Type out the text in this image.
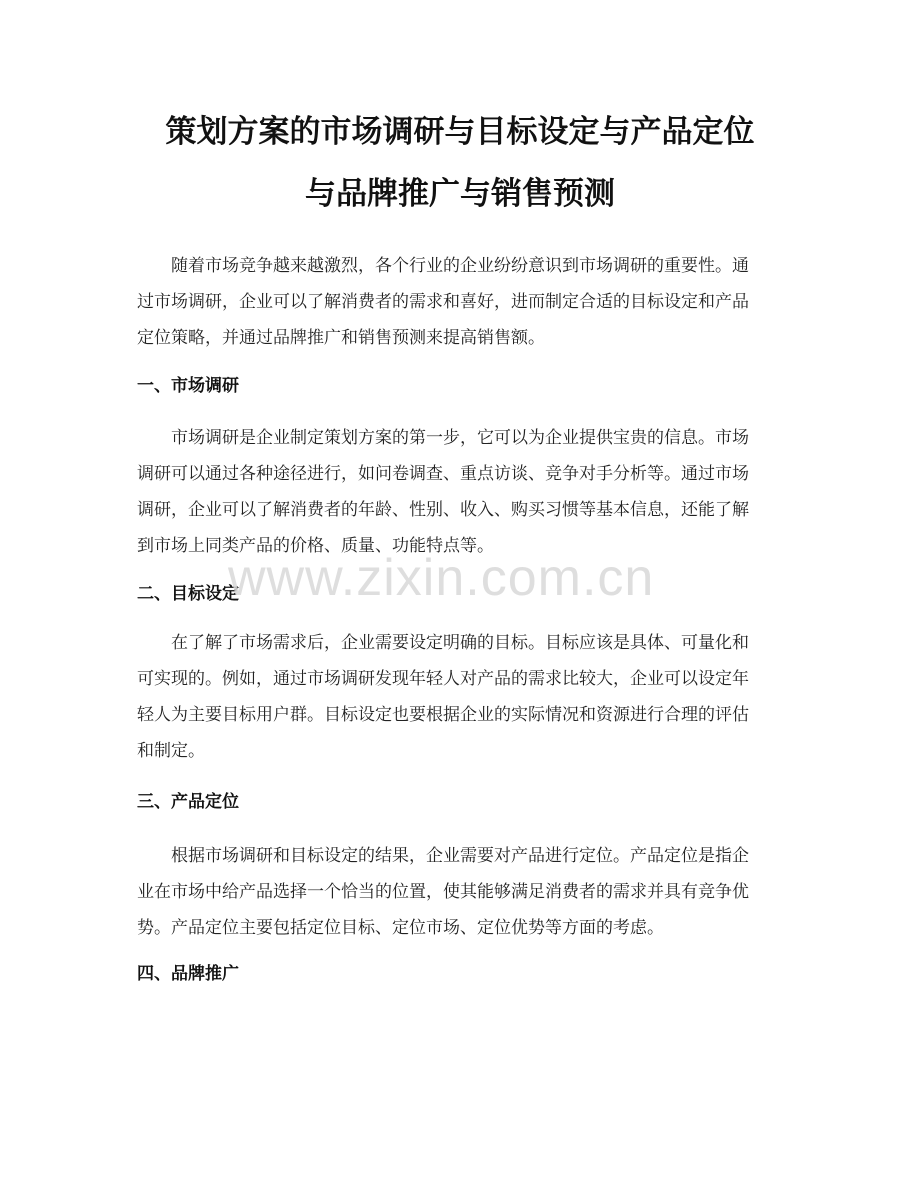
策划方案的市场调研与目标设定与产品定位
与品牌推广与销售预测

随着市场竞争越来越激烈，各个行业的企业纷纷意识到市场调研的重要性。通
过市场调研，企业可以了解消费者的需求和喜好，进而制定合适的目标设定和产品
定位策略，并通过品牌推广和销售预测来提高销售额。

一、市场调研

市场调研是企业制定策划方案的第一步，它可以为企业提供宝贵的信息。市场
调研可以通过各种途径进行，如问卷调查、重点访谈、竞争对手分析等。通过市场
调研，企业可以了解消费者的年龄、性别、收入、购买习惯等基本信息，还能了解
到市场上同类产品的价格、质量、功能特点等。

二、目标设定

在了解了市场需求后，企业需要设定明确的目标。目标应该是具体、可量化和
可实现的。例如，通过市场调研发现年轻人对产品的需求比较大，企业可以设定年
轻人为主要目标用户群。目标设定也要根据企业的实际情况和资源进行合理的评估
和制定。

三、产品定位

根据市场调研和目标设定的结果，企业需要对产品进行定位。产品定位是指企
业在市场中给产品选择一个恰当的位置，使其能够满足消费者的需求并具有竞争优
势。产品定位主要包括定位目标、定位市场、定位优势等方面的考虑。

四、品牌推广
www.zixin.com.cn
